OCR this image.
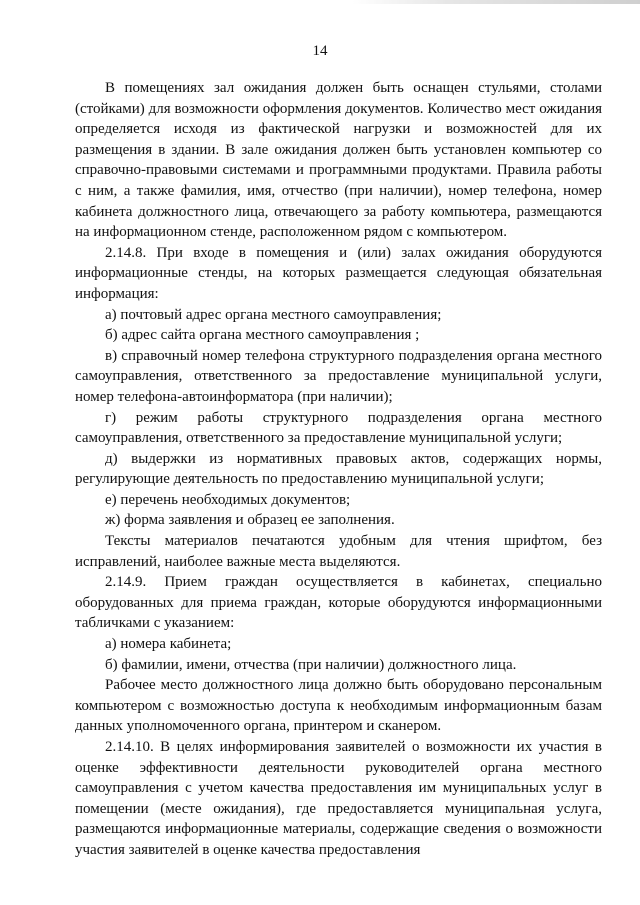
14

В помещениях зал ожидания должен быть оснащен стульями, столами (стойками) для возможности оформления документов. Количество мест ожидания определяется исходя из фактической нагрузки и возможностей для их размещения в здании. В зале ожидания должен быть установлен компьютер со справочно-правовыми системами и программными продуктами. Правила работы с ним, а также фамилия, имя, отчество (при наличии), номер телефона, номер кабинета должностного лица, отвечающего за работу компьютера, размещаются на информационном стенде, расположенном рядом с компьютером.

2.14.8. При входе в помещения и (или) залах ожидания оборудуются информационные стенды, на которых размещается следующая обязательная информация:

а) почтовый адрес органа местного самоуправления;

б) адрес сайта органа местного самоуправления ;

в) справочный номер телефона структурного подразделения органа местного самоуправления, ответственного за предоставление муниципальной услуги, номер телефона-автоинформатора (при наличии);

г) режим работы структурного подразделения органа местного самоуправления, ответственного за предоставление муниципальной услуги;

д) выдержки из нормативных правовых актов, содержащих нормы, регулирующие деятельность по предоставлению муниципальной услуги;

е) перечень необходимых документов;

ж) форма заявления и образец ее заполнения.

Тексты материалов печатаются удобным для чтения шрифтом, без исправлений, наиболее важные места выделяются.

2.14.9. Прием граждан осуществляется в кабинетах, специально оборудованных для приема граждан, которые оборудуются информационными табличками с указанием:

а) номера кабинета;

б) фамилии, имени, отчества (при наличии) должностного лица.

Рабочее место должностного лица должно быть оборудовано персональным компьютером с возможностью доступа к необходимым информационным базам данных уполномоченного органа, принтером и сканером.

2.14.10. В целях информирования заявителей о возможности их участия в оценке эффективности деятельности руководителей органа местного самоуправления с учетом качества предоставления им муниципальных услуг в помещении (месте ожидания), где предоставляется муниципальная услуга, размещаются информационные материалы, содержащие сведения о возможности участия заявителей в оценке качества предоставления
